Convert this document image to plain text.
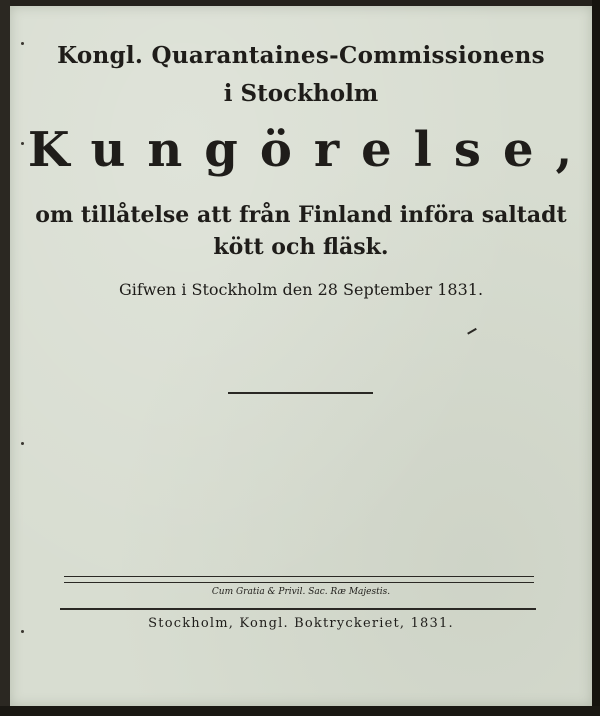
Kongl. Quarantaines-Commissionens
i Stockholm
Kungörelse,
om tillåtelse att från Finland införa saltadt
kött och fläsk.
Gifwen i Stockholm den 28 September 1831.
Cum Gratia & Privil. Sac. Ræ Majestis.
Stockholm, Kongl. Boktryckeriet, 1831.
